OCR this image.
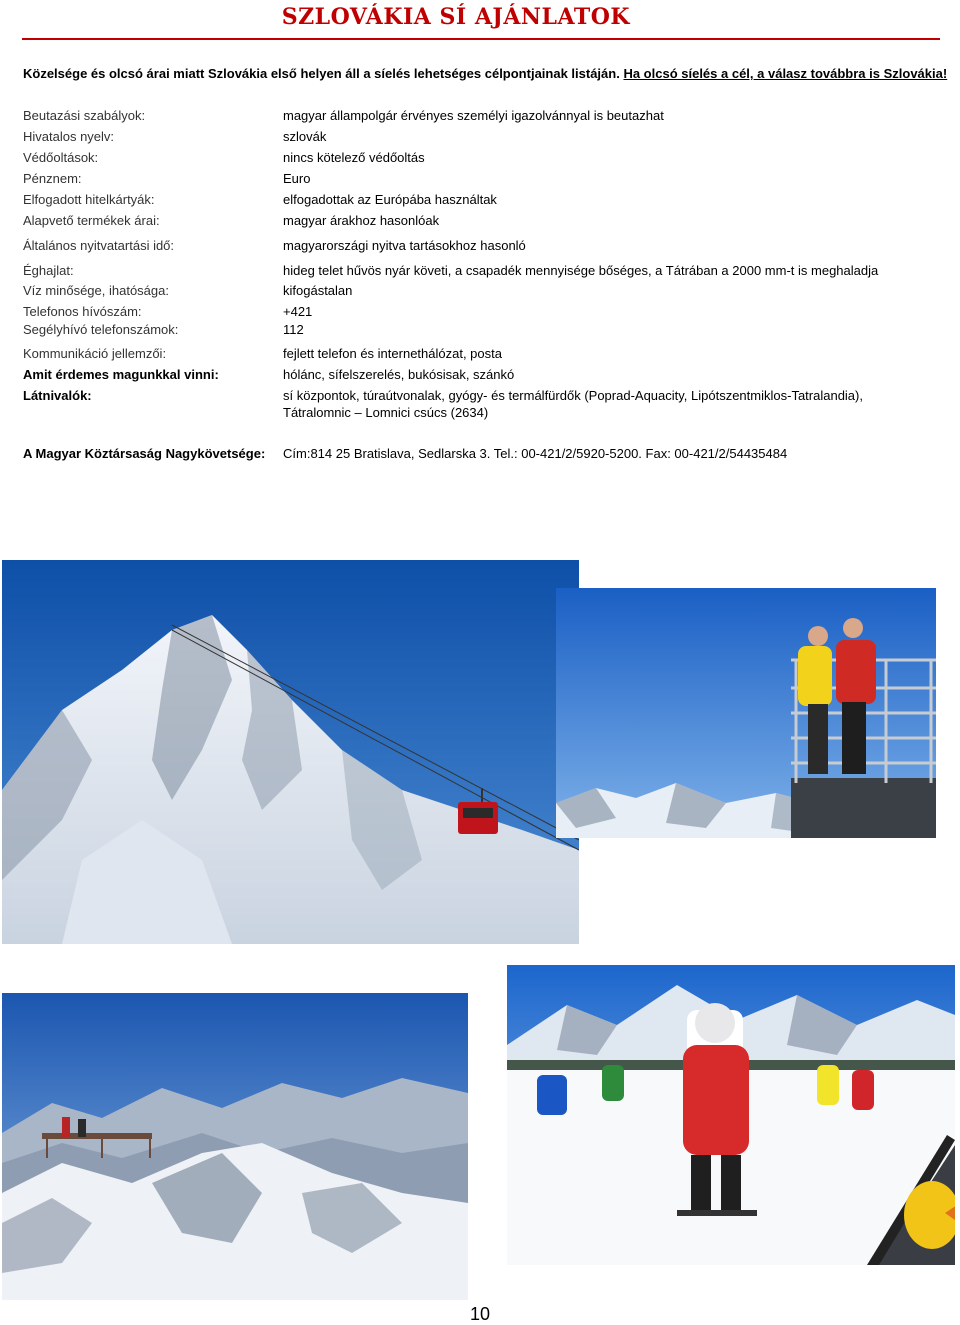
SZLOVÁKIA SÍ AJÁNLATOK
Közelsége és olcsó árai miatt Szlovákia első helyen áll a síelés lehetséges célpontjainak listáján. Ha olcsó síelés a cél, a válasz továbbra is Szlovákia!
Beutazási szabályok:	magyar állampolgár érvényes személyi igazolvánnyal is beutazhat
Hivatalos nyelv:	szlovák
Védőoltások:	nincs kötelező védőoltás
Pénznem:	Euro
Elfogadott hitelkártyák:	elfogadottak az Európába használtak
Alapvető termékek árai:	magyar árakhoz hasonlóak
Általános nyitvatartási idő:	magyarországi nyitva tartásokhoz hasonló
Éghajlat:	hideg telet hűvös nyár követi, a csapadék mennyisége bőséges, a Tátrában a 2000 mm-t is meghaladja
Víz minősége, ihatósága:	kifogástalan
Telefonos hívószám:	+421
Segélyhívó telefonszámok:	112
Kommunikáció jellemzői:	fejlett telefon és internethálózat, posta
Amit érdemes magunkkal vinni:	hólánc, sífelszerelés, bukósisak, szánkó
Látnivalók:	sí központok, túraútvonalak, gyógy- és termálfürdők (Poprad-Aquacity, Lipótszentmiklos-Tatralandia),
Tátralomnic – Lomnici csúcs (2634)
A Magyar Köztársaság Nagykövetsége: Cím:814 25 Bratislava, Sedlarska 3. Tel.: 00-421/2/5920-5200. Fax: 00-421/2/54435484
10
